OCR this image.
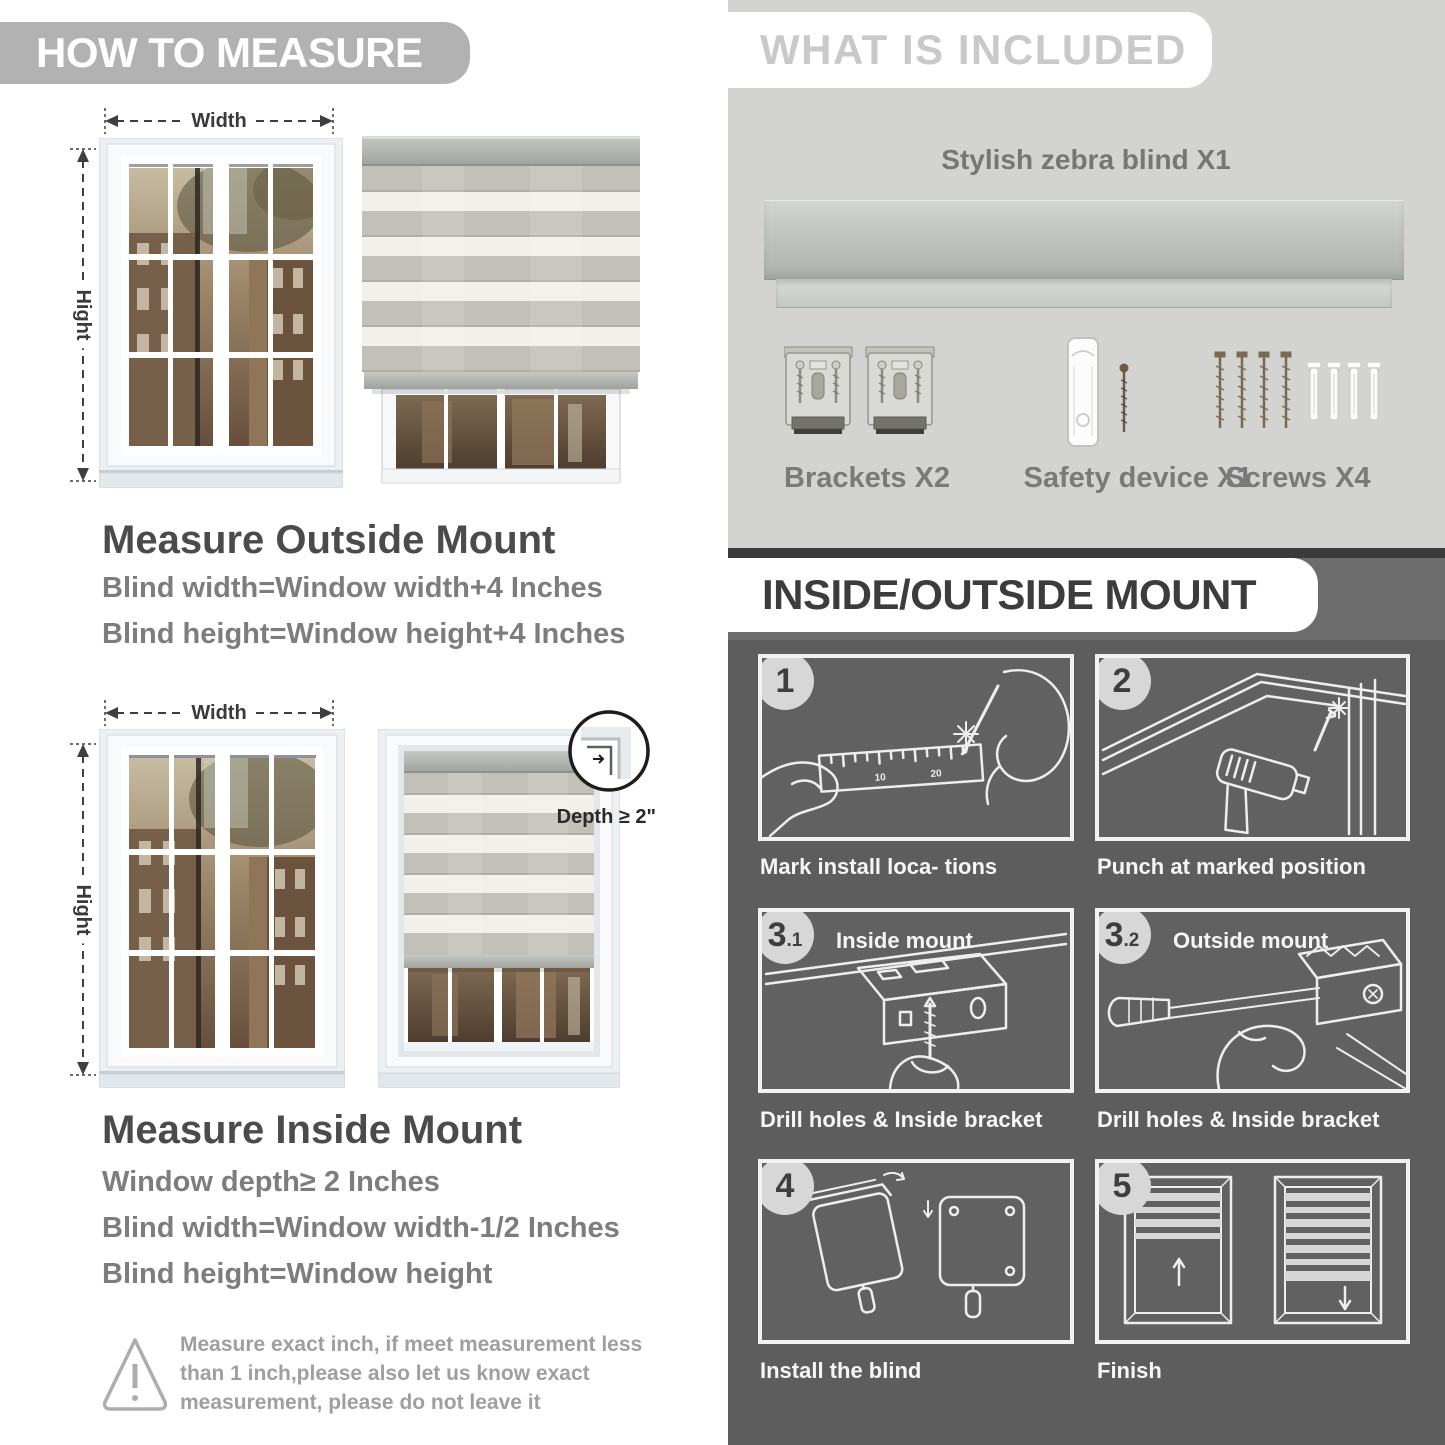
HOW TO MEASURE
Width
Hight
Measure Outside Mount
Blind width=Window width+4 Inches
Blind height=Window height+4 Inches
Width
Hight
Depth ≥ 2"
Measure Inside Mount
Window depth≥ 2 Inches
Blind width=Window width-1/2 Inches
Blind height=Window height
Measure exact inch, if meet measurement less
than 1 inch,please also let us know exact
measurement, please do not leave it
WHAT IS INCLUDED
Stylish zebra blind X1
Brackets X2	Safety device X1
Screws X4
INSIDE/OUTSIDE MOUNT
10	20
1
Mark install loca- tions
2
Punch at marked position
3 .1 Inside mount
Drill holes & Inside bracket
3 .2 Outside mount
Drill holes & Inside bracket
4
Install the blind
5
Finish
